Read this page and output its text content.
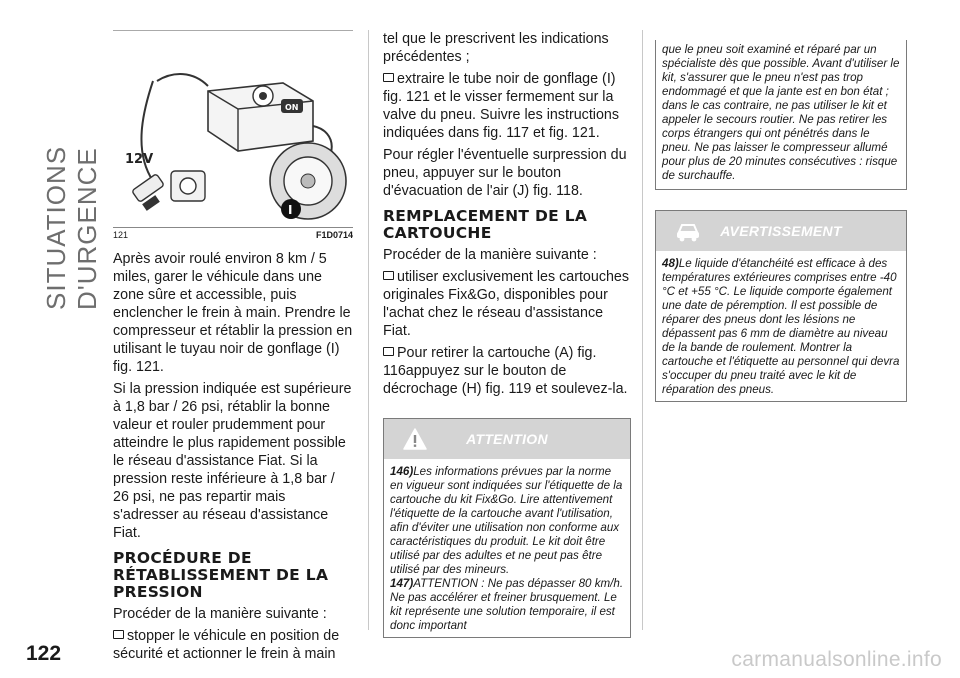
SITUATIONS D'URGENCE 12V
ON
I
121	F1D0714

Après avoir roulé environ 8 km / 5 miles, garer le véhicule dans une zone sûre et accessible, puis enclencher le frein à main. Prendre le compresseur et rétablir la pression en utilisant le tuyau noir de gonflage (I) fig. 121.

Si la pression indiquée est supérieure à 1,8 bar / 26 psi, rétablir la bonne valeur et rouler prudemment pour atteindre le plus rapidement possible le réseau d'assistance Fiat. Si la pression reste inférieure à 1,8 bar / 26 psi, ne pas repartir mais s'adresser au réseau d'assistance Fiat.

PROCÉDURE DE RÉTABLISSEMENT DE LA PRESSION

Procéder de la manière suivante :

stopper le véhicule en position de sécurité et actionner le frein à main

tel que le prescrivent les indications précédentes ;

extraire le tube noir de gonflage (I) fig. 121 et le visser fermement sur la valve du pneu. Suivre les instructions indiquées dans fig. 117 et fig. 121.

Pour régler l'éventuelle surpression du pneu, appuyer sur le bouton d'évacuation de l'air (J) fig. 118.

REMPLACEMENT DE LA CARTOUCHE

Procéder de la manière suivante :

utiliser exclusivement les cartouches originales Fix&Go, disponibles pour l'achat chez le réseau d'assistance Fiat.

Pour retirer la cartouche (A) fig. 116appuyez sur le bouton de décrochage (H) fig. 119 et soulevez-la.

ATTENTION

146)Les informations prévues par la norme en vigueur sont indiquées sur l'étiquette de la cartouche du kit Fix&Go. Lire attentivement l'étiquette de la cartouche avant l'utilisation, afin d'éviter une utilisation non conforme aux caractéristiques du produit. Le kit doit être utilisé par des adultes et ne peut pas être utilisé par des mineurs.

147)ATTENTION : Ne pas dépasser 80 km/h. Ne pas accélérer et freiner brusquement. Le kit représente une solution temporaire, il est donc important

que le pneu soit examiné et réparé par un spécialiste dès que possible. Avant d'utiliser le kit, s'assurer que le pneu n'est pas trop endommagé et que la jante est en bon état ; dans le cas contraire, ne pas utiliser le kit et appeler le secours routier. Ne pas retirer les corps étrangers qui ont pénétrés dans le pneu. Ne pas laisser le compresseur allumé pour plus de 20 minutes consécutives : risque de surchauffe.

AVERTISSEMENT

48)Le liquide d'étanchéité est efficace à des températures extérieures comprises entre -40 °C et +55 °C. Le liquide comporte également une date de péremption. Il est possible de réparer des pneus dont les lésions ne dépassent pas 6 mm de diamètre au niveau de la bande de roulement. Montrer la cartouche et l'étiquette au personnel qui devra s'occuper du pneu traité avec le kit de réparation des pneus.

122	carmanualsonline.info
